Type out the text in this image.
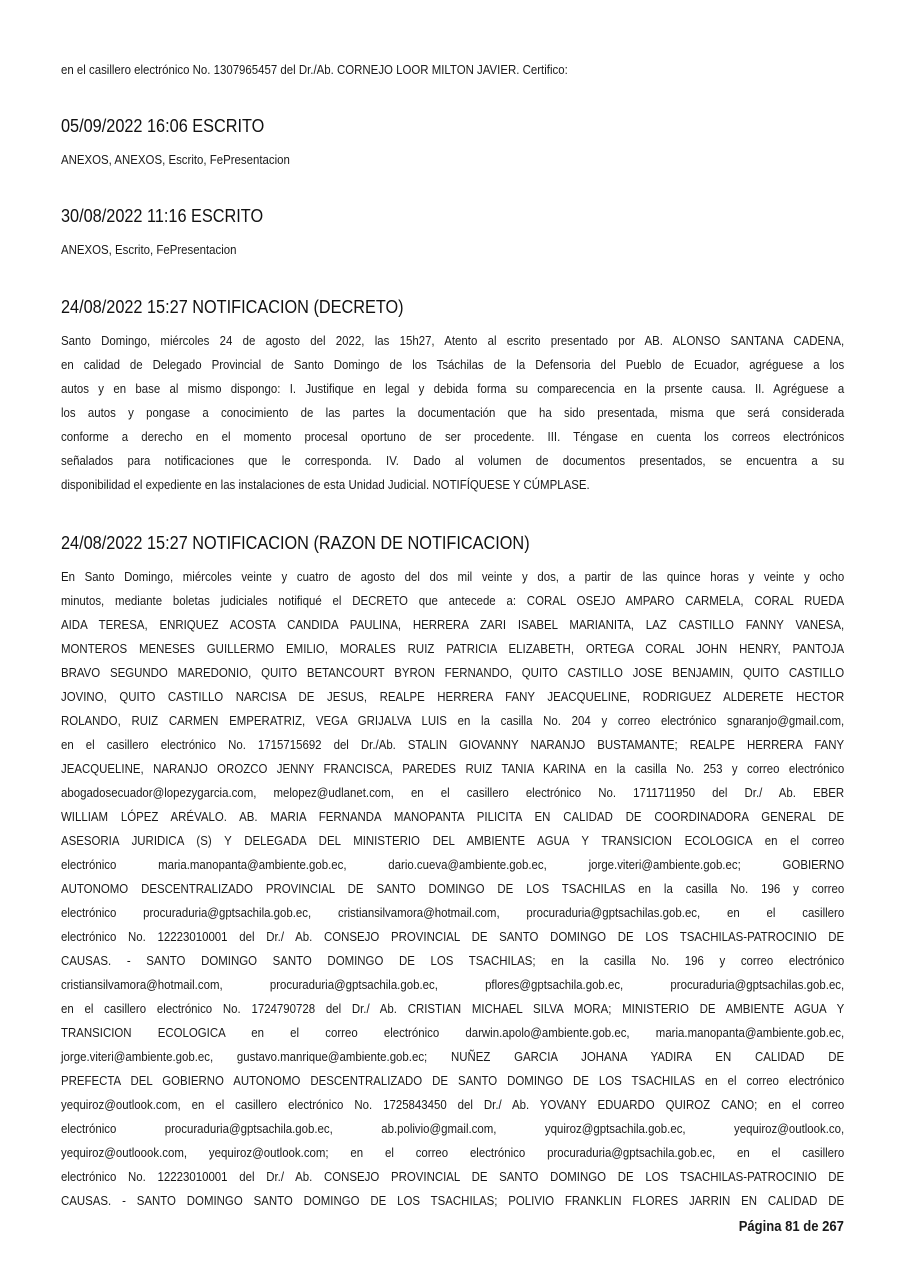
en el casillero electrónico No. 1307965457 del Dr./Ab. CORNEJO LOOR MILTON JAVIER. Certifico:
05/09/2022 16:06 ESCRITO
ANEXOS, ANEXOS, Escrito, FePresentacion
30/08/2022 11:16 ESCRITO
ANEXOS, Escrito, FePresentacion
24/08/2022 15:27 NOTIFICACION (DECRETO)
Santo Domingo, miércoles 24 de agosto del 2022, las 15h27, Atento al escrito presentado por AB. ALONSO SANTANA CADENA,
en calidad de Delegado Provincial de Santo Domingo de los Tsáchilas de la Defensoria del Pueblo de Ecuador, agréguese a los
autos y en base al mismo dispongo: I. Justifique en legal y debida forma su comparecencia en la prsente causa. II. Agréguese a
los autos y pongase a conocimiento de las partes la documentación que ha sido presentada, misma que será considerada
conforme a derecho en el momento procesal oportuno de ser procedente. III. Téngase en cuenta los correos electrónicos
señalados para notificaciones que le corresponda. IV. Dado al volumen de documentos presentados, se encuentra a su
disponibilidad el expediente en las instalaciones de esta Unidad Judicial. NOTIFÍQUESE Y CÚMPLASE.
24/08/2022 15:27 NOTIFICACION (RAZON DE NOTIFICACION)
En Santo Domingo, miércoles veinte y cuatro de agosto del dos mil veinte y dos, a partir de las quince horas y veinte y ocho
minutos, mediante boletas judiciales notifiqué el DECRETO que antecede a: CORAL OSEJO AMPARO CARMELA, CORAL RUEDA
AIDA TERESA, ENRIQUEZ ACOSTA CANDIDA PAULINA, HERRERA ZARI ISABEL MARIANITA, LAZ CASTILLO FANNY VANESA,
MONTEROS MENESES GUILLERMO EMILIO, MORALES RUIZ PATRICIA ELIZABETH, ORTEGA CORAL JOHN HENRY, PANTOJA
BRAVO SEGUNDO MAREDONIO, QUITO BETANCOURT BYRON FERNANDO, QUITO CASTILLO JOSE BENJAMIN, QUITO CASTILLO
JOVINO, QUITO CASTILLO NARCISA DE JESUS, REALPE HERRERA FANY JEACQUELINE, RODRIGUEZ ALDERETE HECTOR
ROLANDO, RUIZ CARMEN EMPERATRIZ, VEGA GRIJALVA LUIS en la casilla No. 204 y correo electrónico sgnaranjo@gmail.com,
en el casillero electrónico No. 1715715692 del Dr./Ab. STALIN GIOVANNY NARANJO BUSTAMANTE; REALPE HERRERA FANY
JEACQUELINE, NARANJO OROZCO JENNY FRANCISCA, PAREDES RUIZ TANIA KARINA en la casilla No. 253 y correo electrónico
abogadosecuador@lopezygarcia.com, melopez@udlanet.com, en el casillero electrónico No. 1711711950 del Dr./ Ab. EBER
WILLIAM LÓPEZ ARÉVALO. AB. MARIA FERNANDA MANOPANTA PILICITA EN CALIDAD DE COORDINADORA GENERAL DE
ASESORIA JURIDICA (S) Y DELEGADA DEL MINISTERIO DEL AMBIENTE AGUA Y TRANSICION ECOLOGICA en el correo
electrónico maria.manopanta@ambiente.gob.ec, dario.cueva@ambiente.gob.ec, jorge.viteri@ambiente.gob.ec; GOBIERNO
AUTONOMO DESCENTRALIZADO PROVINCIAL DE SANTO DOMINGO DE LOS TSACHILAS en la casilla No. 196 y correo
electrónico procuraduria@gptsachila.gob.ec, cristiansilvamora@hotmail.com, procuraduria@gptsachilas.gob.ec, en el casillero
electrónico No. 12223010001 del Dr./ Ab. CONSEJO PROVINCIAL DE SANTO DOMINGO DE LOS TSACHILAS-PATROCINIO DE
CAUSAS. - SANTO DOMINGO SANTO DOMINGO DE LOS TSACHILAS; en la casilla No. 196 y correo electrónico
cristiansilvamora@hotmail.com, procuraduria@gptsachila.gob.ec, pflores@gptsachila.gob.ec, procuraduria@gptsachilas.gob.ec,
en el casillero electrónico No. 1724790728 del Dr./ Ab. CRISTIAN MICHAEL SILVA MORA; MINISTERIO DE AMBIENTE AGUA Y
TRANSICION ECOLOGICA en el correo electrónico darwin.apolo@ambiente.gob.ec, maria.manopanta@ambiente.gob.ec,
jorge.viteri@ambiente.gob.ec, gustavo.manrique@ambiente.gob.ec; NUÑEZ GARCIA JOHANA YADIRA EN CALIDAD DE
PREFECTA DEL GOBIERNO AUTONOMO DESCENTRALIZADO DE SANTO DOMINGO DE LOS TSACHILAS en el correo electrónico
yequiroz@outlook.com, en el casillero electrónico No. 1725843450 del Dr./ Ab. YOVANY EDUARDO QUIROZ CANO; en el correo
electrónico procuraduria@gptsachila.gob.ec, ab.polivio@gmail.com, yquiroz@gptsachila.gob.ec, yequiroz@outlook.co,
yequiroz@outloook.com, yequiroz@outlook.com; en el correo electrónico procuraduria@gptsachila.gob.ec, en el casillero
electrónico No. 12223010001 del Dr./ Ab. CONSEJO PROVINCIAL DE SANTO DOMINGO DE LOS TSACHILAS-PATROCINIO DE
CAUSAS. - SANTO DOMINGO SANTO DOMINGO DE LOS TSACHILAS; POLIVIO FRANKLIN FLORES JARRIN EN CALIDAD DE
Página 81 de 267
